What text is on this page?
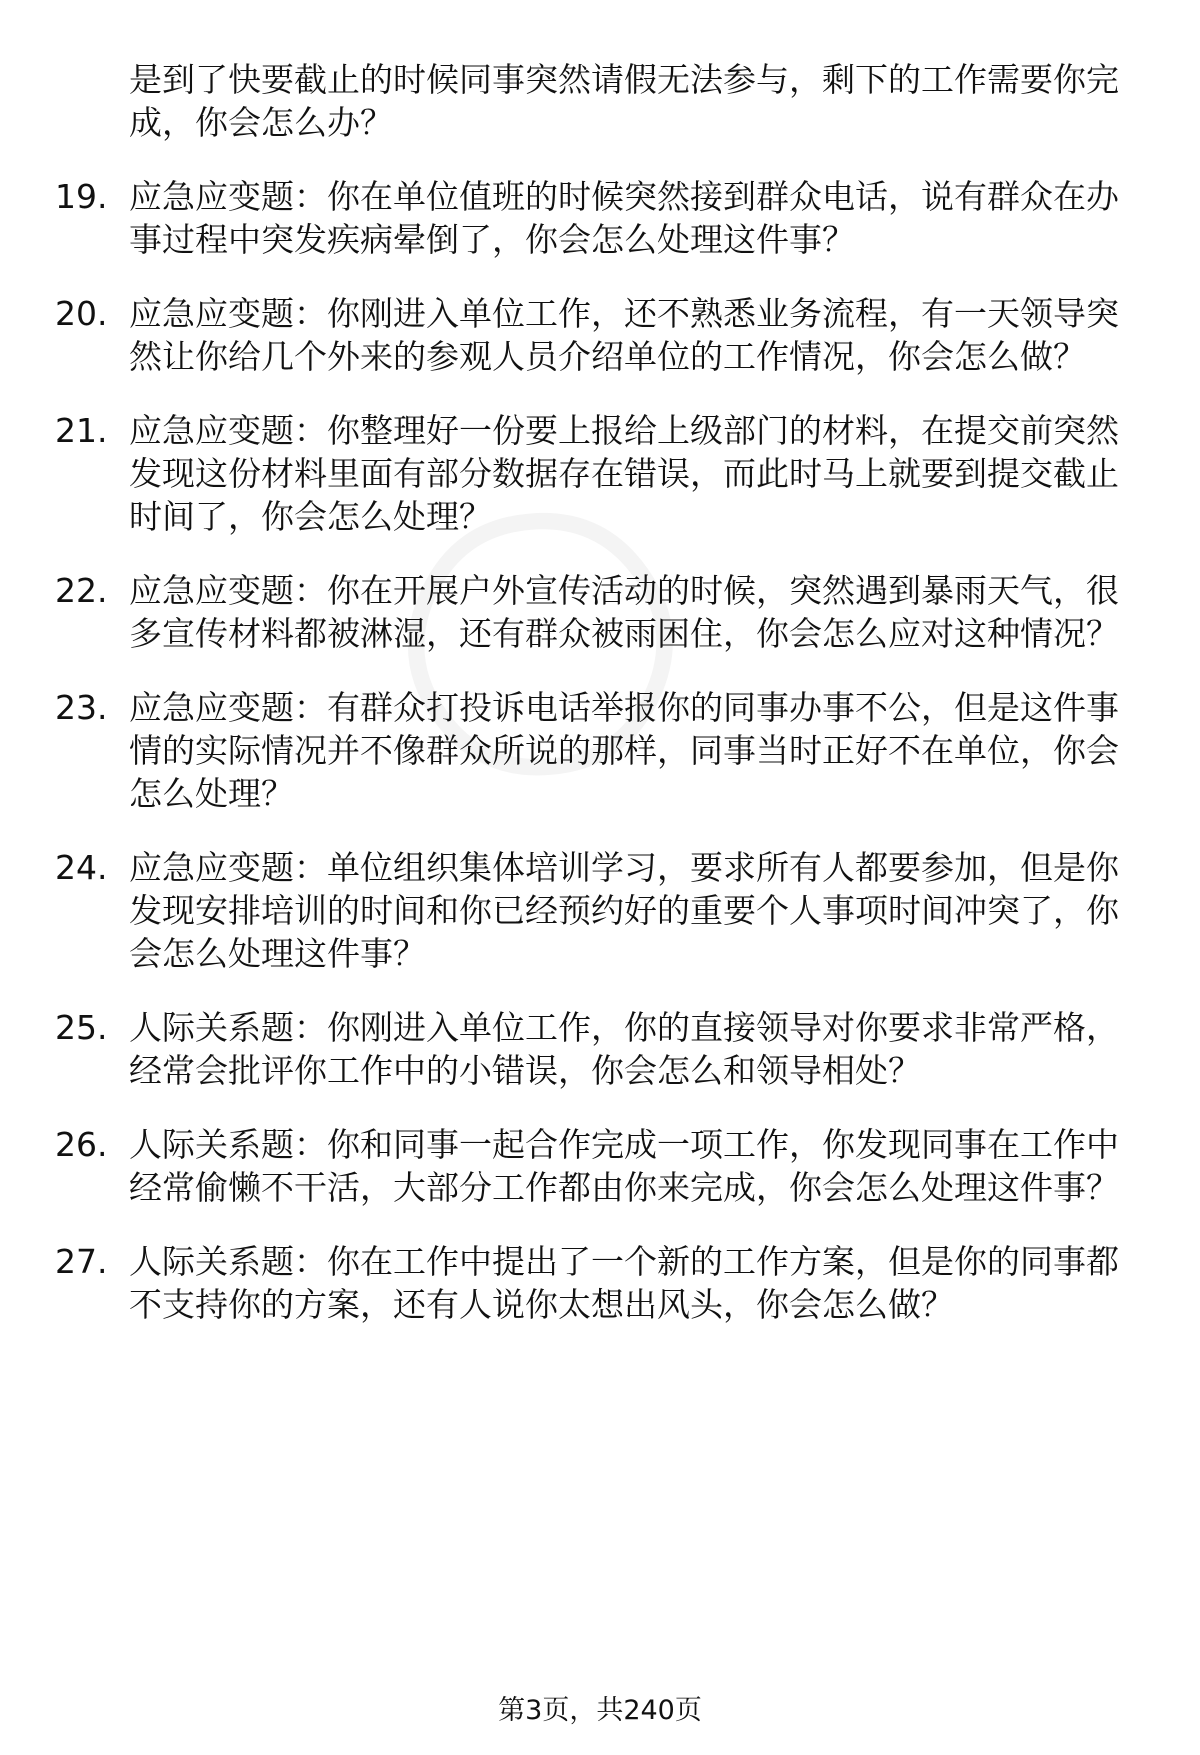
是到了快要截止的时候同事突然请假无法参与，剩下的工作需要你完成，你会怎么办？
19. 应急应变题：你在单位值班的时候突然接到群众电话，说有群众在办事过程中突发疾病晕倒了，你会怎么处理这件事？
20. 应急应变题：你刚进入单位工作，还不熟悉业务流程，有一天领导突然让你给几个外来的参观人员介绍单位的工作情况，你会怎么做？
21. 应急应变题：你整理好一份要上报给上级部门的材料，在提交前突然发现这份材料里面有部分数据存在错误，而此时马上就要到提交截止时间了，你会怎么处理？
22. 应急应变题：你在开展户外宣传活动的时候，突然遇到暴雨天气，很多宣传材料都被淋湿，还有群众被雨困住，你会怎么应对这种情况？
23. 应急应变题：有群众打投诉电话举报你的同事办事不公，但是这件事情的实际情况并不像群众所说的那样，同事当时正好不在单位，你会怎么处理？
24. 应急应变题：单位组织集体培训学习，要求所有人都要参加，但是你发现安排培训的时间和你已经预约好的重要个人事项时间冲突了，你会怎么处理这件事？
25. 人际关系题：你刚进入单位工作，你的直接领导对你要求非常严格，经常会批评你工作中的小错误，你会怎么和领导相处？
26. 人际关系题：你和同事一起合作完成一项工作，你发现同事在工作中经常偷懒不干活，大部分工作都由你来完成，你会怎么处理这件事？
27. 人际关系题：你在工作中提出了一个新的工作方案，但是你的同事都不支持你的方案，还有人说你太想出风头，你会怎么做？
第3页，共240页
